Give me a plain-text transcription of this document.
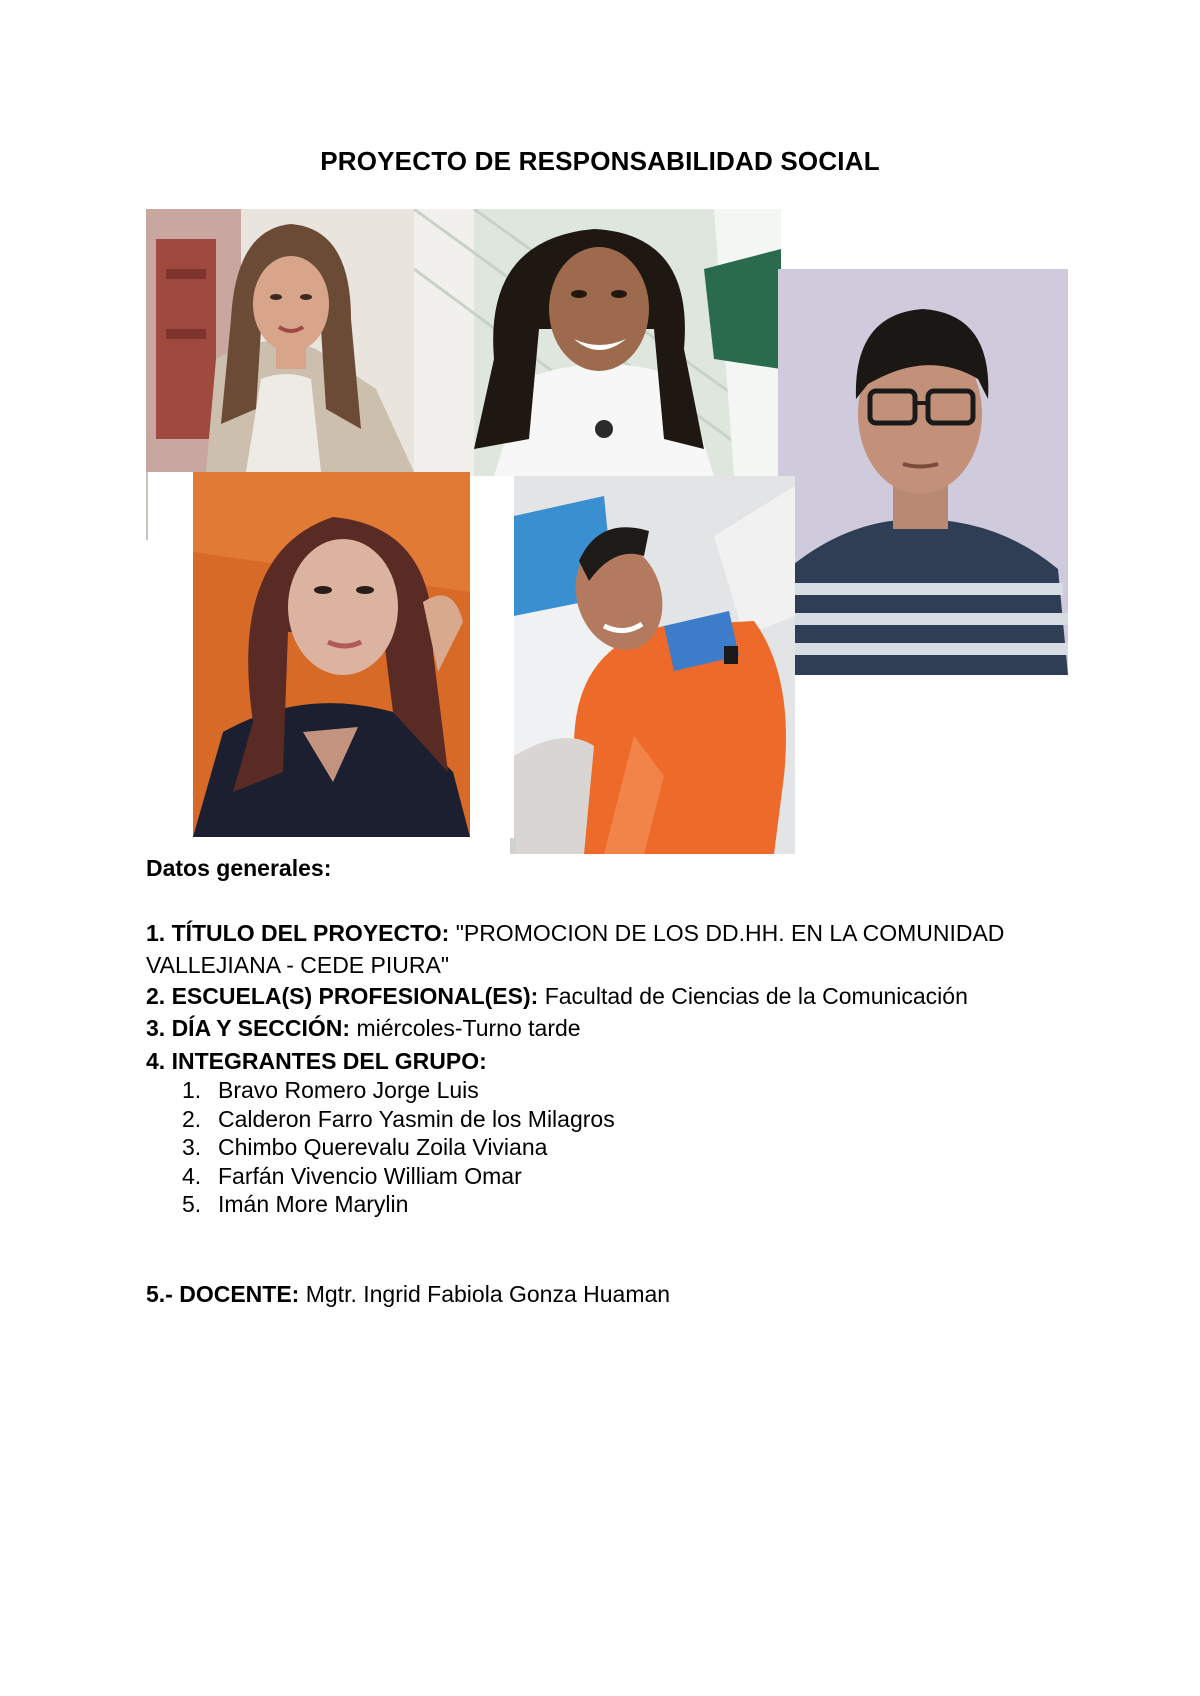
PROYECTO DE RESPONSABILIDAD SOCIAL
Datos generales:
1. TÍTULO DEL PROYECTO: "PROMOCION DE LOS DD.HH. EN LA COMUNIDAD VALLEJIANA - CEDE PIURA"
2. ESCUELA(S) PROFESIONAL(ES): Facultad de Ciencias de la Comunicación
3. DÍA Y SECCIÓN: miércoles-Turno tarde
4. INTEGRANTES DEL GRUPO:
1. Bravo Romero Jorge Luis
2. Calderon Farro Yasmin de los Milagros
3. Chimbo Querevalu Zoila Viviana
4. Farfán Vivencio William Omar
5. Imán More Marylin
5.- DOCENTE: Mgtr. Ingrid Fabiola Gonza Huaman
